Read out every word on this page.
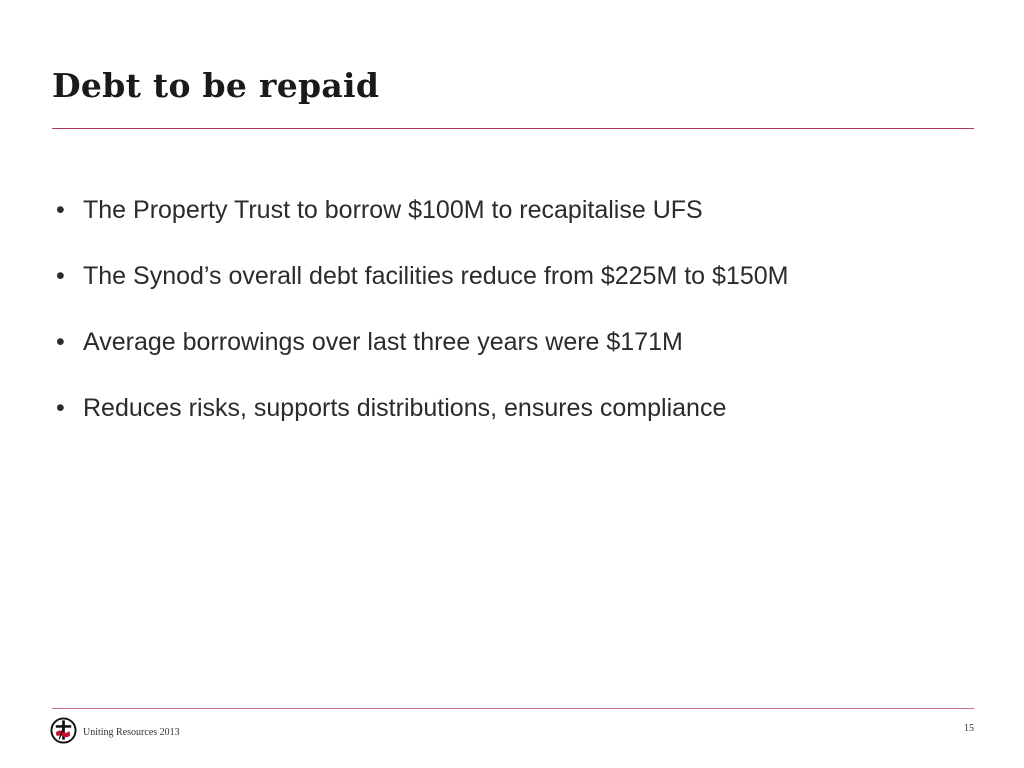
Debt to be repaid
• The Property Trust to borrow $100M to recapitalise UFS
• The Synod’s overall debt facilities reduce from $225M to $150M
• Average borrowings over last three years were $171M
• Reduces risks, supports distributions, ensures compliance
Uniting Resources 2013	15
